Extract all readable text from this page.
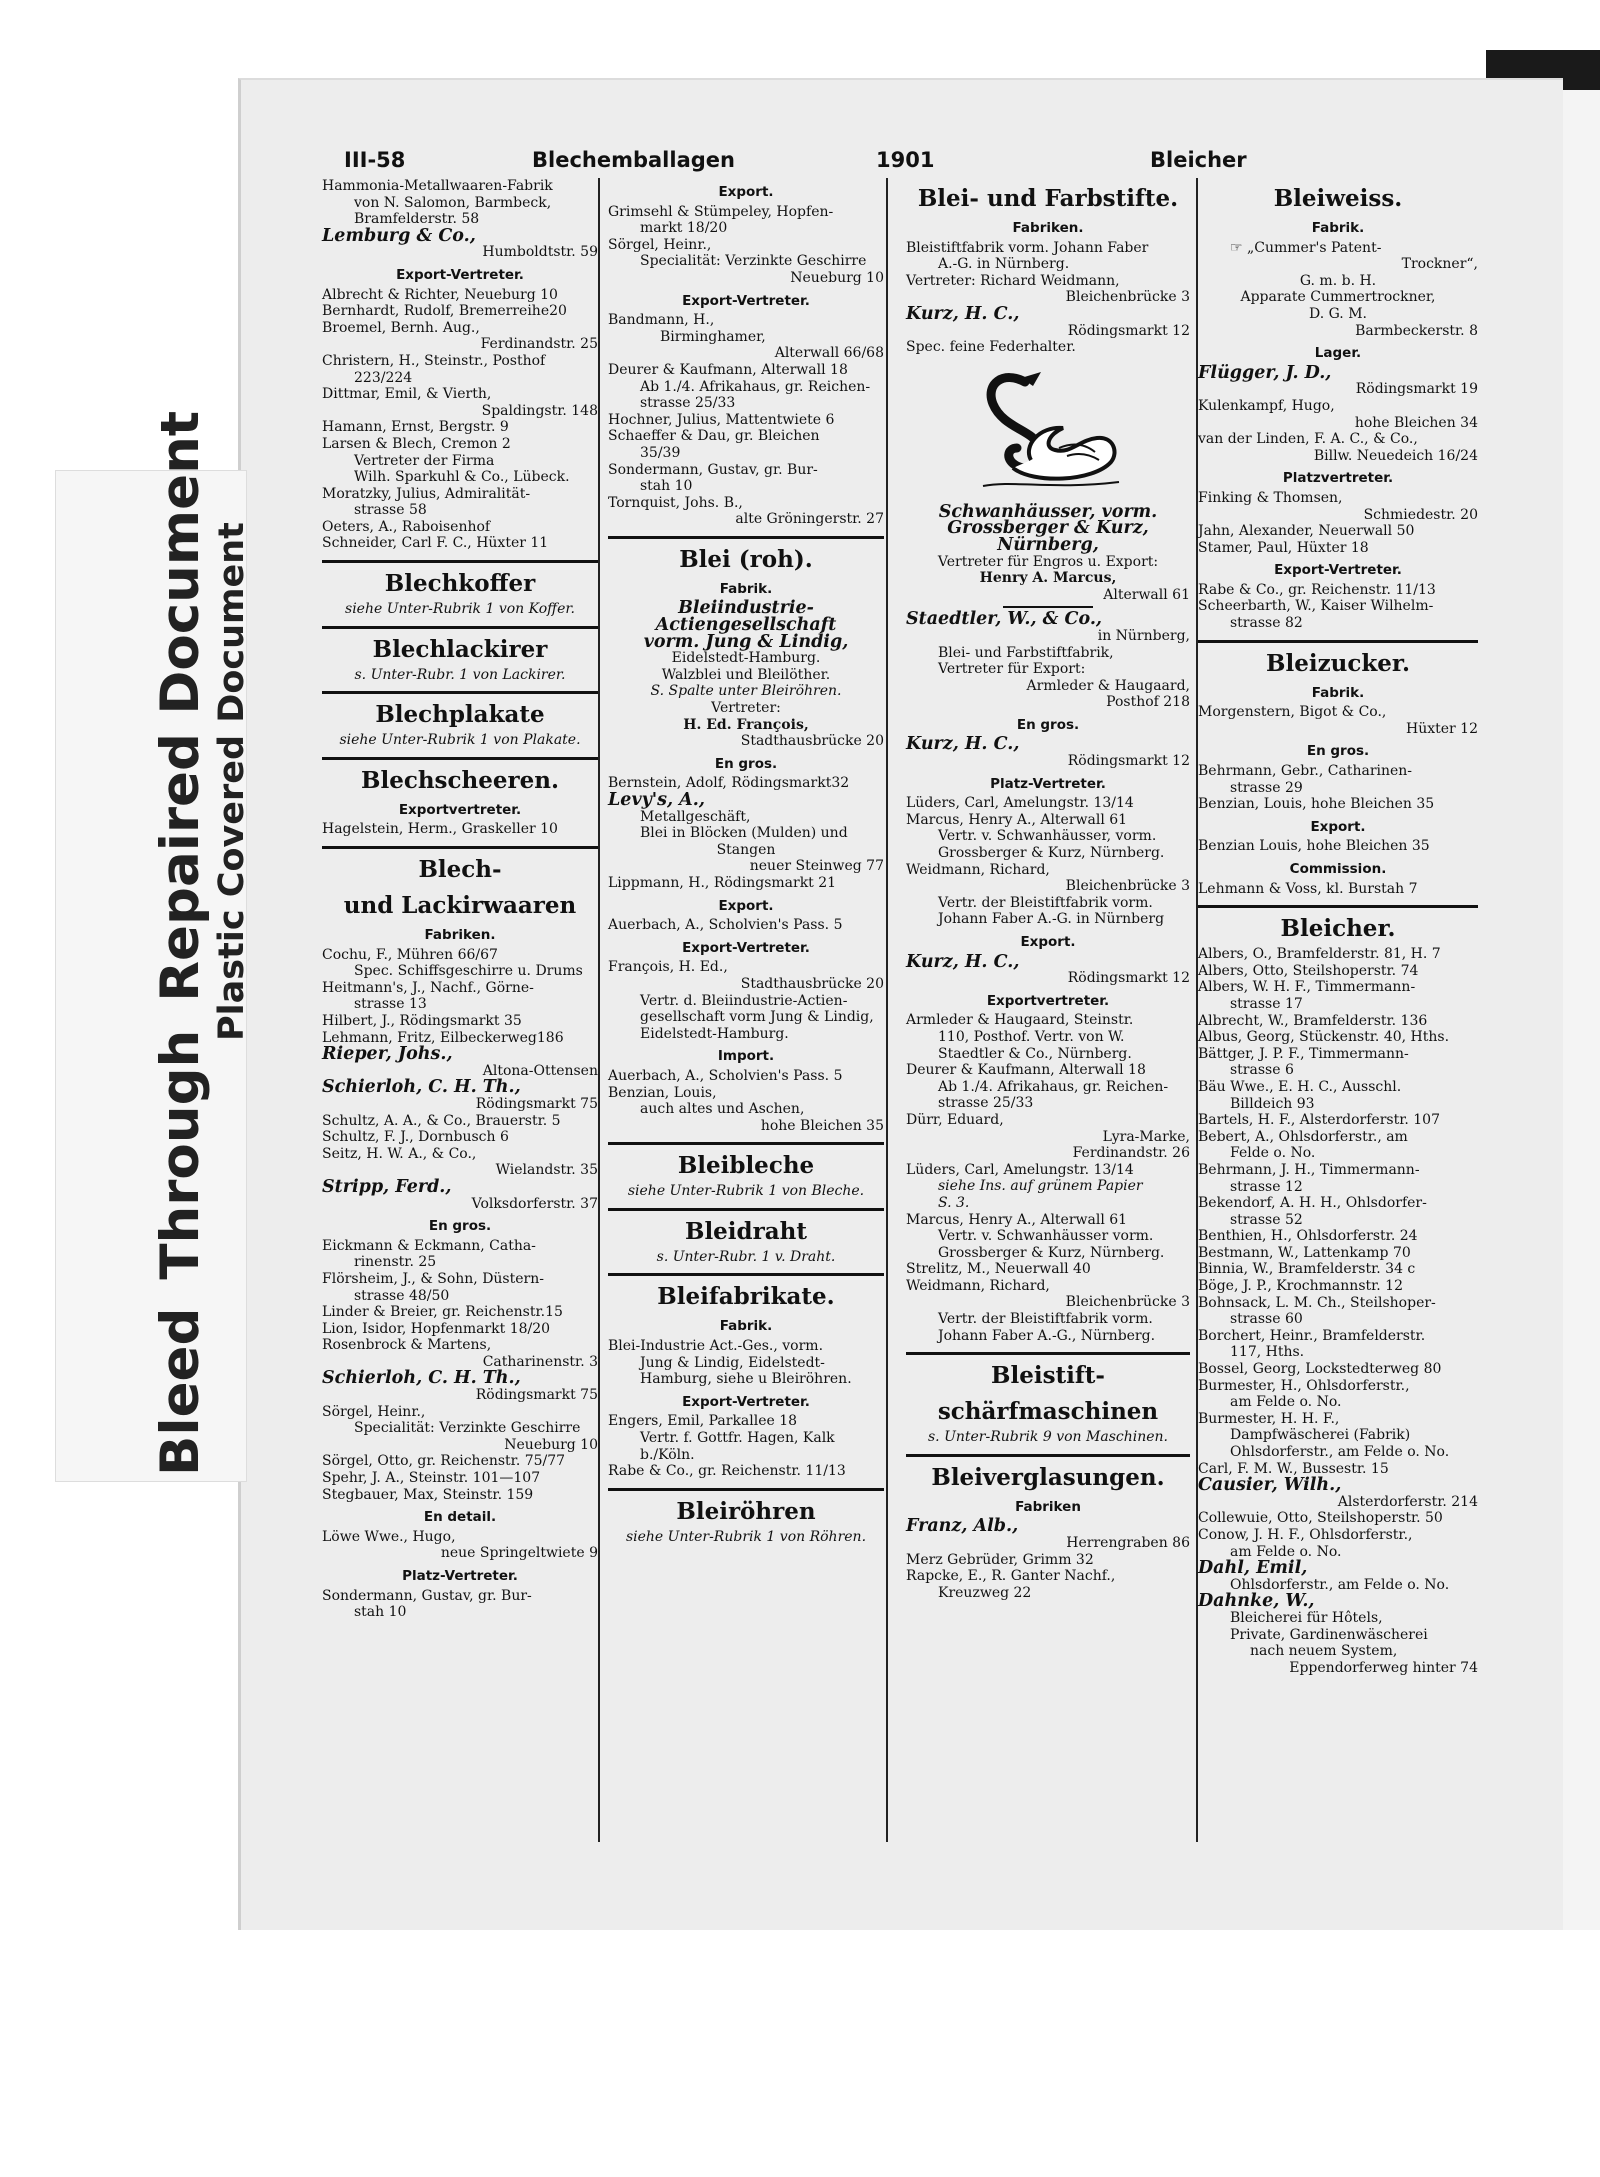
BleedThroughRepaired Document Plastic Covered Document
III-58	Blechemballagen	1901	Bleicher
Hammonia-Metallwaaren-Fabrik
von N. Salomon, Barmbeck,
Bramfelderstr. 58
Lemburg & Co.,
Humboldtstr. 59
Export-Vertreter.
Albrecht & Richter, Neueburg 10
Bernhardt, Rudolf, Bremerreihe20
Broemel, Bernh. Aug.,
Ferdinandstr. 25
Christern, H., Steinstr., Posthof
223/224
Dittmar, Emil, & Vierth,
Spaldingstr. 148
Hamann, Ernst, Bergstr. 9
Larsen & Blech, Cremon 2
Vertreter der Firma
Wilh. Sparkuhl & Co., Lübeck.
Moratzky, Julius, Admiralität-
strasse 58
Oeters, A., Raboisenhof
Schneider, Carl F. C., Hüxter 11
Blechkoffer
siehe Unter-Rubrik 1 von Koffer.
Blechlackirer
s. Unter-Rubr. 1 von Lackirer.
Blechplakate
siehe Unter-Rubrik 1 von Plakate.
Blechscheeren.
Exportvertreter.
Hagelstein, Herm., Graskeller 10
Blech-
und Lackirwaaren
Fabriken.
Cochu, F., Mühren 66/67
Spec. Schiffsgeschirre u. Drums
Heitmann's, J., Nachf., Görne-
strasse 13
Hilbert, J., Rödingsmarkt 35
Lehmann, Fritz, Eilbeckerweg186
Rieper, Johs.,
Altona-Ottensen
Schierloh, C. H. Th.,
Rödingsmarkt 75
Schultz, A. A., & Co., Brauerstr. 5
Schultz, F. J., Dornbusch 6
Seitz, H. W. A., & Co.,
Wielandstr. 35
Stripp, Ferd.,
Volksdorferstr. 37
En gros.
Eickmann & Eckmann, Catha-
rinenstr. 25
Flörsheim, J., & Sohn, Düstern-
strasse 48/50
Linder & Breier, gr. Reichenstr.15
Lion, Isidor, Hopfenmarkt 18/20
Rosenbrock & Martens,
Catharinenstr. 3
Schierloh, C. H. Th.,
Rödingsmarkt 75
Sörgel, Heinr.,
Specialität: Verzinkte Geschirre
Neueburg 10
Sörgel, Otto, gr. Reichenstr. 75/77
Spehr, J. A., Steinstr. 101—107
Stegbauer, Max, Steinstr. 159
En detail.
Löwe Wwe., Hugo,
neue Springeltwiete 9
Platz-Vertreter.
Sondermann, Gustav, gr. Bur-
stah 10
Export.
Grimsehl & Stümpeley, Hopfen-
markt 18/20
Sörgel, Heinr.,
Specialität: Verzinkte Geschirre
Neueburg 10
Export-Vertreter.
Bandmann, H.,
Birminghamer,
Alterwall 66/68
Deurer & Kaufmann, Alterwall 18
Ab 1./4. Afrikahaus, gr. Reichen-
strasse 25/33
Hochner, Julius, Mattentwiete 6
Schaeffer & Dau, gr. Bleichen
35/39
Sondermann, Gustav, gr. Bur-
stah 10
Tornquist, Johs. B.,
alte Gröningerstr. 27
Blei (roh).
Fabrik.
Bleiindustrie-
Actiengesellschaft
vorm. Jung & Lindig,
Eidelstedt-Hamburg.
Walzblei und Bleilöther.
S. Spalte unter Bleiröhren.
Vertreter:
H. Ed. François,
Stadthausbrücke 20
En gros.
Bernstein, Adolf, Rödingsmarkt32
Levy's, A.,
Metallgeschäft,
Blei in Blöcken (Mulden) und
Stangen
neuer Steinweg 77
Lippmann, H., Rödingsmarkt 21
Export.
Auerbach, A., Scholvien's Pass. 5
Export-Vertreter.
François, H. Ed.,
Stadthausbrücke 20
Vertr. d. Bleiindustrie-Actien-
gesellschaft vorm Jung & Lindig,
Eidelstedt-Hamburg.
Import.
Auerbach, A., Scholvien's Pass. 5
Benzian, Louis,
auch altes und Aschen,
hohe Bleichen 35
Bleibleche
siehe Unter-Rubrik 1 von Bleche.
Bleidraht
s. Unter-Rubr. 1 v. Draht.
Bleifabrikate.
Fabrik.
Blei-Industrie Act.-Ges., vorm.
Jung & Lindig, Eidelstedt-
Hamburg, siehe u Bleiröhren.
Export-Vertreter.
Engers, Emil, Parkallee 18
Vertr. f. Gottfr. Hagen, Kalk
b./Köln.
Rabe & Co., gr. Reichenstr. 11/13
Bleiröhren
siehe Unter-Rubrik 1 von Röhren.
Blei- und Farbstifte.
Fabriken.
Bleistiftfabrik vorm. Johann Faber
A.-G. in Nürnberg.
Vertreter: Richard Weidmann,
Bleichenbrücke 3
Kurz, H. C.,
Rödingsmarkt 12
Spec. feine Federhalter.
Schwanhäusser, vorm.
Grossberger & Kurz,
Nürnberg,
Vertreter für Engros u. Export:
Henry A. Marcus,
Alterwall 61
Staedtler, W., & Co.,
in Nürnberg,
Blei- und Farbstiftfabrik,
Vertreter für Export:
Armleder & Haugaard,
Posthof 218
En gros.
Kurz, H. C.,
Rödingsmarkt 12
Platz-Vertreter.
Lüders, Carl, Amelungstr. 13/14
Marcus, Henry A., Alterwall 61
Vertr. v. Schwanhäusser, vorm.
Grossberger & Kurz, Nürnberg.
Weidmann, Richard,
Bleichenbrücke 3
Vertr. der Bleistiftfabrik vorm.
Johann Faber A.-G. in Nürnberg
Export.
Kurz, H. C.,
Rödingsmarkt 12
Exportvertreter.
Armleder & Haugaard, Steinstr.
110, Posthof. Vertr. von W.
Staedtler & Co., Nürnberg.
Deurer & Kaufmann, Alterwall 18
Ab 1./4. Afrikahaus, gr. Reichen-
strasse 25/33
Dürr, Eduard,
Lyra-Marke,
Ferdinandstr. 26
Lüders, Carl, Amelungstr. 13/14
siehe Ins. auf grünem Papier
S. 3.
Marcus, Henry A., Alterwall 61
Vertr. v. Schwanhäusser vorm.
Grossberger & Kurz, Nürnberg.
Strelitz, M., Neuerwall 40
Weidmann, Richard,
Bleichenbrücke 3
Vertr. der Bleistiftfabrik vorm.
Johann Faber A.-G., Nürnberg.
Bleistift-
schärfmaschinen
s. Unter-Rubrik 9 von Maschinen.
Bleiverglasungen.
Fabriken
Franz, Alb.,
Herrengraben 86
Merz Gebrüder, Grimm 32
Rapcke, E., R. Ganter Nachf.,
Kreuzweg 22
Bleiweiss.
Fabrik.
☞ „Cummer's Patent-
Trockner“,
G. m. b. H.
Apparate Cummertrockner,
D. G. M.
Barmbeckerstr. 8
Lager.
Flügger, J. D.,
Rödingsmarkt 19
Kulenkampf, Hugo,
hohe Bleichen 34
van der Linden, F. A. C., & Co.,
Billw. Neuedeich 16/24
Platzvertreter.
Finking & Thomsen,
Schmiedestr. 20
Jahn, Alexander, Neuerwall 50
Stamer, Paul, Hüxter 18
Export-Vertreter.
Rabe & Co., gr. Reichenstr. 11/13
Scheerbarth, W., Kaiser Wilhelm-
strasse 82
Bleizucker.
Fabrik.
Morgenstern, Bigot & Co.,
Hüxter 12
En gros.
Behrmann, Gebr., Catharinen-
strasse 29
Benzian, Louis, hohe Bleichen 35
Export.
Benzian Louis, hohe Bleichen 35
Commission.
Lehmann & Voss, kl. Burstah 7
Bleicher.
Albers, O., Bramfelderstr. 81, H. 7
Albers, Otto, Steilshoperstr. 74
Albers, W. H. F., Timmermann-
strasse 17
Albrecht, W., Bramfelderstr. 136
Albus, Georg, Stückenstr. 40, Hths.
Bättger, J. P. F., Timmermann-
strasse 6
Bäu Wwe., E. H. C., Ausschl.
Billdeich 93
Bartels, H. F., Alsterdorferstr. 107
Bebert, A., Ohlsdorferstr., am
Felde o. No.
Behrmann, J. H., Timmermann-
strasse 12
Bekendorf, A. H. H., Ohlsdorfer-
strasse 52
Benthien, H., Ohlsdorferstr. 24
Bestmann, W., Lattenkamp 70
Binnia, W., Bramfelderstr. 34 c
Böge, J. P., Krochmannstr. 12
Bohnsack, L. M. Ch., Steilshoper-
strasse 60
Borchert, Heinr., Bramfelderstr.
117, Hths.
Bossel, Georg, Lockstedterweg 80
Burmester, H., Ohlsdorferstr.,
am Felde o. No.
Burmester, H. H. F.,
Dampfwäscherei (Fabrik)
Ohlsdorferstr., am Felde o. No.
Carl, F. M. W., Bussestr. 15
Causier, Wilh.,
Alsterdorferstr. 214
Collewuie, Otto, Steilshoperstr. 50
Conow, J. H. F., Ohlsdorferstr.,
am Felde o. No.
Dahl, Emil,
Ohlsdorferstr., am Felde o. No.
Dahnke, W.,
Bleicherei für Hôtels,
Private, Gardinenwäscherei
nach neuem System,
Eppendorferweg hinter 74
